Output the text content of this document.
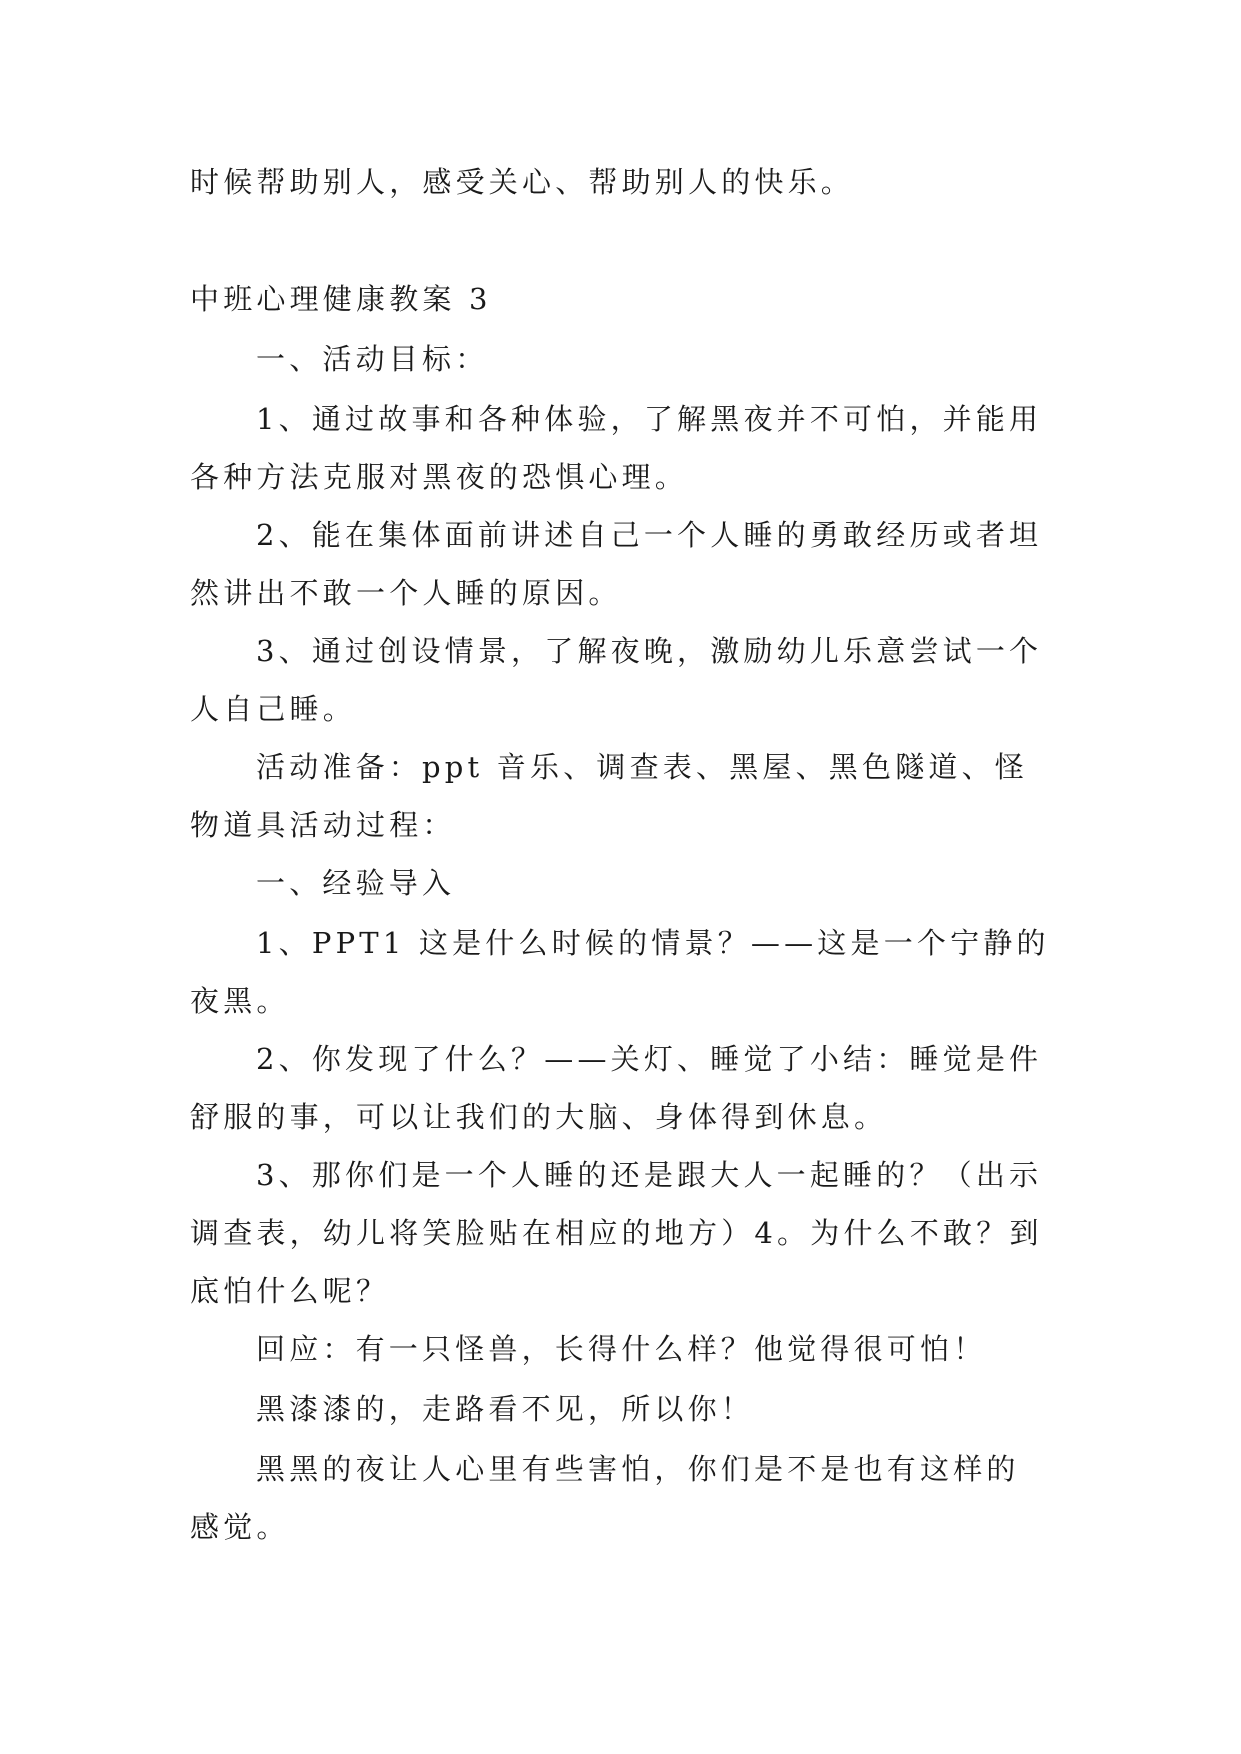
时候帮助别人，感受关心、帮助别人的快乐。
中班心理健康教案 3
一、活动目标：
1、通过故事和各种体验，了解黑夜并不可怕，并能用各种方法克服对黑夜的恐惧心理。
2、能在集体面前讲述自己一个人睡的勇敢经历或者坦然讲出不敢一个人睡的原因。
3、通过创设情景，了解夜晚，激励幼儿乐意尝试一个人自己睡。
活动准备：ppt 音乐、调查表、黑屋、黑色隧道、怪物道具活动过程：
一、经验导入
1、PPT1 这是什么时候的情景？——这是一个宁静的夜黑。
2、你发现了什么？——关灯、睡觉了小结：睡觉是件舒服的事，可以让我们的大脑、身体得到休息。
3、那你们是一个人睡的还是跟大人一起睡的？（出示调查表，幼儿将笑脸贴在相应的地方）4。为什么不敢？到底怕什么呢？
回应：有一只怪兽，长得什么样？他觉得很可怕！
黑漆漆的，走路看不见，所以你！
黑黑的夜让人心里有些害怕，你们是不是也有这样的感觉。
